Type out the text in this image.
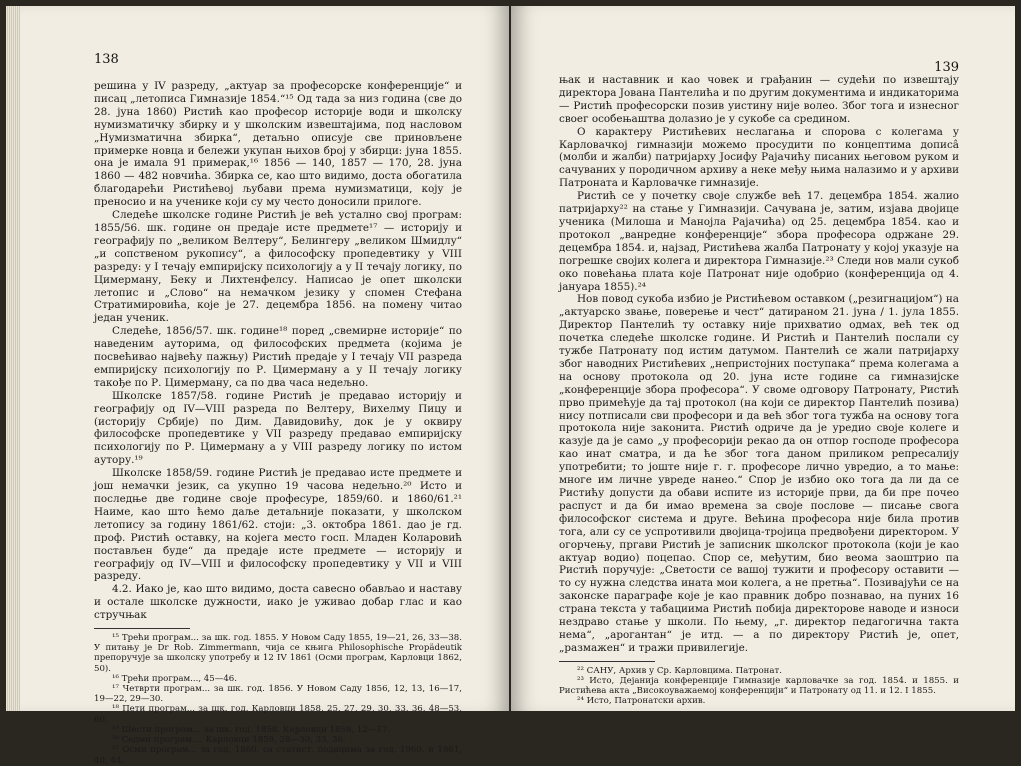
138

решина у IV разреду, „актуар за професорске конференције“ и писац „летописа Гимназије 1854.“¹⁵ Од тада за низ година (све до 28. јуна 1860) Ристић као професор историје води и школску нумизматичку збирку и у школским извештајима, под насловом „Нумизматична збирка“, детаљно описује све приновљене примерке новца и бележи укупан њихов број у збирци: јуна 1855. она је имала 91 примерак,¹⁶ 1856 — 140, 1857 — 170, 28. јуна 1860 — 482 новчића. Збирка се, као што видимо, доста обогатила благодарећи Ристићевој љубави према нумизматици, коју је преносио и на ученике који су му често доносили прилоге.

Следеће школске године Ристић је већ устално свој програм: 1855/56. шк. године он предаје исте предмете¹⁷ — историју и географију по „великом Велтеру“, Белингеру „великом Шмидлу“ „и сопственом рукопису“, а философску пропедевтику у VIII разреду: у I течају емпиријску психологију а у II течају логику, по Цимерману, Беку и Лихтенфелсу. Написао је опет школски летопис и „Слово“ на немачком језику у спомен Стефана Стратимировића, које је 27. децембра 1856. на помену читао један ученик.

Следеће, 1856/57. шк. године¹⁸ поред „свемирне историје“ по наведеним ауторима, од философских предмета (којима је посвећивао највећу пажњу) Ристић предаје у I течају VII разреда емпиријску психологију по Р. Цимерману а у II течају логику такође по Р. Цимерману, са по два часа недељно.

Школске 1857/58. године Ристић је предавао историју и географију од IV—VIII разреда по Велтеру, Вихелму Пицу и (историју Србије) по Дим. Давидовићу, док је у оквиру философске пропедевтике у VII разреду предавао емпиријску психологију по Р. Цимерману а у VIII разреду логику по истом аутору.¹⁹

Школске 1858/59. године Ристић је предавао исте предмете и још немачки језик, са укупно 19 часова недељно.²⁰ Исто и последње две године своје професуре, 1859/60. и 1860/61.²¹ Наиме, као што ћемо даље детаљније показати, у школском летопису за годину 1861/62. стоји: „3. октобра 1861. дао је гд. проф. Ристић оставку, на којега место госп. Младен Коларовић постављен буде“ да предаје исте предмете — историју и географију од IV—VIII и философску пропедевтику у VII и VIII разреду.

4.2. Иако је, као што видимо, доста савесно обављао и наставу и остале школске дужности, иако је уживао добар глас и као стручњак

¹⁵ Трећи програм... за шк. год. 1855. У Новом Саду 1855, 19—21, 26, 33—38. У питању је Dr Rob. Zimmermann, чија се књига Philosophische Propädeutik препоручује за школску употребу и 12 IV 1861 (Осми програм, Карловци 1862, 50).

¹⁶ Трећи програм..., 45—46.

¹⁷ Четврти програм... за шк. год. 1856. У Новом Саду 1856, 12, 13, 16—17, 19—22, 29—30.

¹⁸ Пети програм... за шк. год. Карловци 1858, 25, 27, 29, 30, 33, 36, 48—53, 60.

¹⁹ Шести програм... за шк. год. 1858. Карловци 1858, 12—17.

²⁰ Седми програм..., Карловци 1859, 28—30, 33, 36.

²¹ Осми програм... за год. 1860. са статист. подацима за год. 1960. и 1861, 40, 44.

139

њак и наставник и као човек и грађанин — судећи по извештају директора Јована Пантелића и по другим документима и индикаторима — Ристић професорски позив уистину није волео. Због тога и изнесног своег особењаштва долазио је у сукобе са срединoм.

О карактеру Ристићевих неслагања и спорова с колегама у Карловачкој гимназији можемо просудити по концептима дописâ (молби и жалби) патријарху Јосифу Рајачићу писаних његовом руком и сачуваних у породичном архиву а неке међу њима налазимо и у архиви Патроната и Карловачке гимназије.

Ристић се у почетку своје службе већ 17. децембра 1854. жалио патријарху²² на стање у Гимназији. Сачувана је, затим, изјава двојице ученика (Милоша и Манојла Рајачића) од 25. децембра 1854. као и протокол „ванредне конференције“ збора професора одржане 29. децембра 1854. и, најзад, Ристићева жалба Патронату у којој указује на погрешке својих колега и директора Гимназије.²³ Следи нов мали сукоб око повећања плата које Патронат није одобрио (конференција од 4. јануара 1855).²⁴

Нов повод сукоба избио је Ристићевом оставком („резигнацијом“) на „актуарско звање, поверење и чест“ датираном 21. јуна / 1. јула 1855. Директор Пантелић ту оставку није прихватио одмах, већ тек од почетка следеће школске године. И Ристић и Пантелић послали су тужбе Патронату под истим датумом. Пантелић се жали патријарху због наводних Ристићевих „непристојних поступака“ према колегама а на основу протокола од 20. јуна исте године са гимназијске „конференције збора професора“. У своме одговору Патронату, Ристић прво примећује да тај протокол (на који се директор Пантелић позива) нису потписали сви професори и да већ због тога тужба на основу тога протокола није законита. Ристић одриче да је уредио своје колеге и казује да је само „у професорији рекао да он отпор господе професора као инат сматра, и да ће због тога даном приликом репресалију употребити; то јоште није г. г. професоре лично уврeдио, а то мање: многе им личне увреде нанео.“ Спор је избио око тога да ли да се Ристићу допусти да обави испите из историје први, да би пре почео распуст и да би имао времена за своје послове — писање свога философског система и друге. Већина професора није била против тога, али су се успротивили двојица-тројица предвођени директором. У огорчењу, пргави Ристић је записник школског протокола (који је као актуар водио) поцепао. Спор се, међутим, био веома заоштрио па Ристић поручује: „Светости се вашој тужити и професору оставити — то су нужна следства ината мои колега, а не претња“. Позивајући се на законске параграфе које је као правник добро познавао, на пуних 16 страна текста у табациима Ристић побија директорове наводе и износи нездраво стање у школи. По њему, „г. директор педагогична такта нема“, „арогантан“ је итд. — а по директору Ристић је, опет, „размажен“ и тражи привилегије.

²² САНУ, Архив у Ср. Карловцима. Патронат.

²³ Исто, Дејанија конференције Гимназије карловачке за год. 1854. и 1855. и Ристићева акта „Високоуважаемој конференцији“ и Патронату од 11. и 12. I 1855.

²⁴ Исто, Патронатски архив.
